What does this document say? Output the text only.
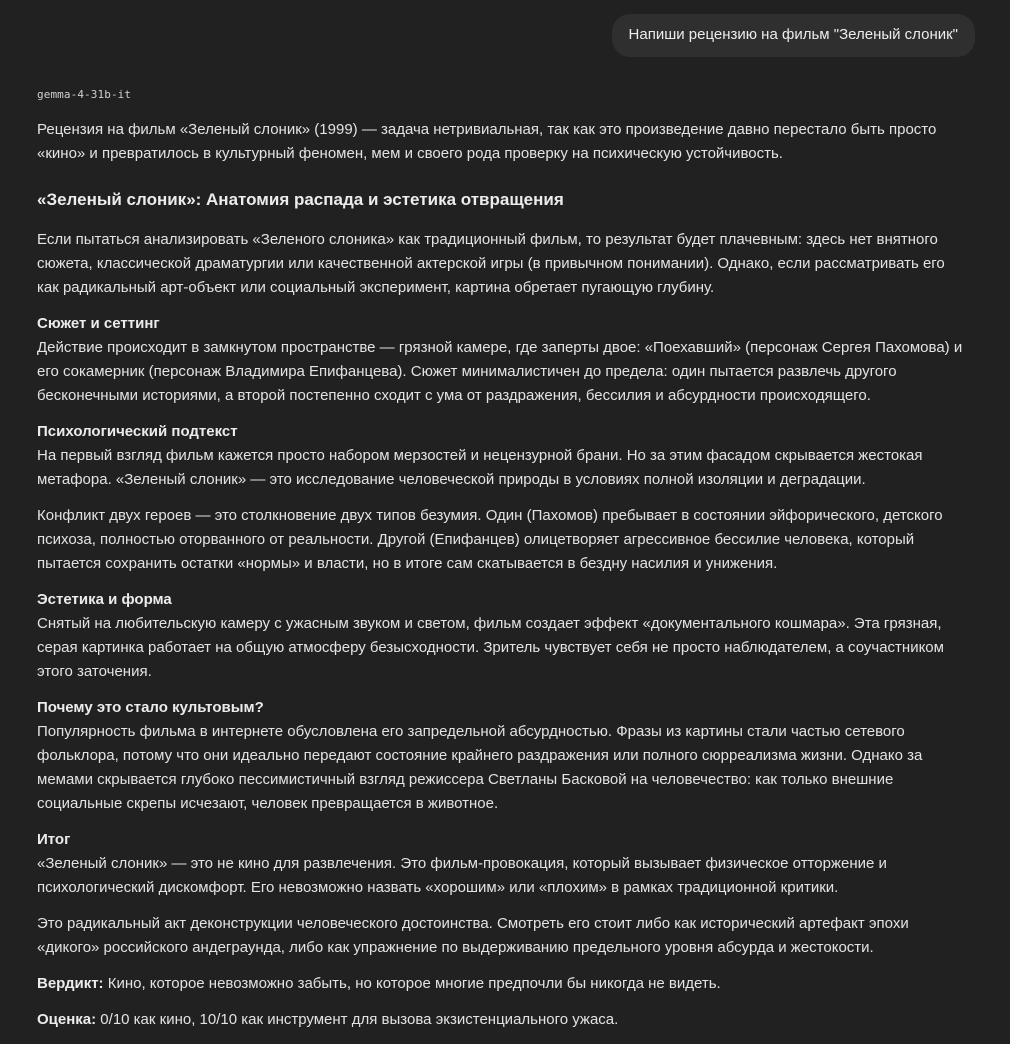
Напиши рецензию на фильм "Зеленый слоник"
gemma-4-31b-it

Рецензия на фильм «Зеленый слоник» (1999) — задача нетривиальная, так как это произведение давно перестало быть просто «кино» и превратилось в культурный феномен, мем и своего рода проверку на психическую устойчивость.

«Зеленый слоник»: Анатомия распада и эстетика отвращения

Если пытаться анализировать «Зеленого слоника» как традиционный фильм, то результат будет плачевным: здесь нет внятного сюжета, классической драматургии или качественной актерской игры (в привычном понимании). Однако, если рассматривать его как радикальный арт-объект или социальный эксперимент, картина обретает пугающую глубину.

Сюжет и сеттинг

Действие происходит в замкнутом пространстве — грязной камере, где заперты двое: «Поехавший» (персонаж Сергея Пахомова) и его сокамерник (персонаж Владимира Епифанцева). Сюжет минималистичен до предела: один пытается развлечь другого бесконечными историями, а второй постепенно сходит с ума от раздражения, бессилия и абсурдности происходящего.

Психологический подтекст

На первый взгляд фильм кажется просто набором мерзостей и нецензурной брани. Но за этим фасадом скрывается жестокая метафора. «Зеленый слоник» — это исследование человеческой природы в условиях полной изоляции и деградации.

Конфликт двух героев — это столкновение двух типов безумия. Один (Пахомов) пребывает в состоянии эйфорического, детского психоза, полностью оторванного от реальности. Другой (Епифанцев) олицетворяет агрессивное бессилие человека, который пытается сохранить остатки «нормы» и власти, но в итоге сам скатывается в бездну насилия и унижения.

Эстетика и форма

Снятый на любительскую камеру с ужасным звуком и светом, фильм создает эффект «документального кошмара». Эта грязная, серая картинка работает на общую атмосферу безысходности. Зритель чувствует себя не просто наблюдателем, а соучастником этого заточения.

Почему это стало культовым?

Популярность фильма в интернете обусловлена его запредельной абсурдностью. Фразы из картины стали частью сетевого фольклора, потому что они идеально передают состояние крайнего раздражения или полного сюрреализма жизни. Однако за мемами скрывается глубоко пессимистичный взгляд режиссера Светланы Басковой на человечество: как только внешние социальные скрепы исчезают, человек превращается в животное.

Итог

«Зеленый слоник» — это не кино для развлечения. Это фильм-провокация, который вызывает физическое отторжение и психологический дискомфорт. Его невозможно назвать «хорошим» или «плохим» в рамках традиционной критики.

Это радикальный акт деконструкции человеческого достоинства. Смотреть его стоит либо как исторический артефакт эпохи «дикого» российского андеграунда, либо как упражнение по выдерживанию предельного уровня абсурда и жестокости.

Вердикт: Кино, которое невозможно забыть, но которое многие предпочли бы никогда не видеть.

Оценка: 0/10 как кино, 10/10 как инструмент для вызова экзистенциального ужаса.
